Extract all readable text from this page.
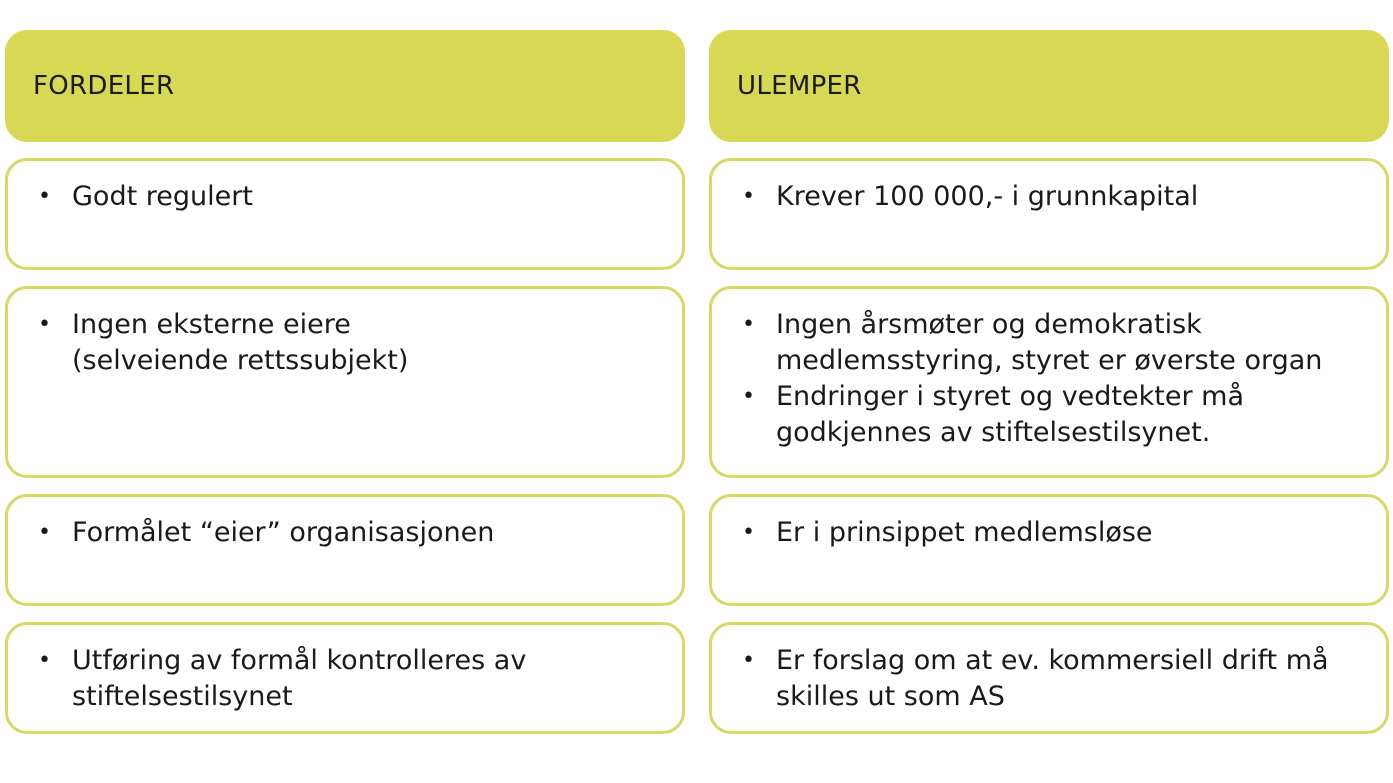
FORDELER
• Godt regulert
• Ingen eksterne eiere
(selveiende rettssubjekt)
• Formålet “eier” organisasjonen
• Utføring av formål kontrolleres av
stiftelsestilsynet
ULEMPER
• Krever 100 000,- i grunnkapital
• Ingen årsmøter og demokratisk
medlemsstyring, styret er øverste organ
• Endringer i styret og vedtekter må
godkjennes av stiftelsestilsynet.
• Er i prinsippet medlemsløse
• Er forslag om at ev. kommersiell drift må
skilles ut som AS
